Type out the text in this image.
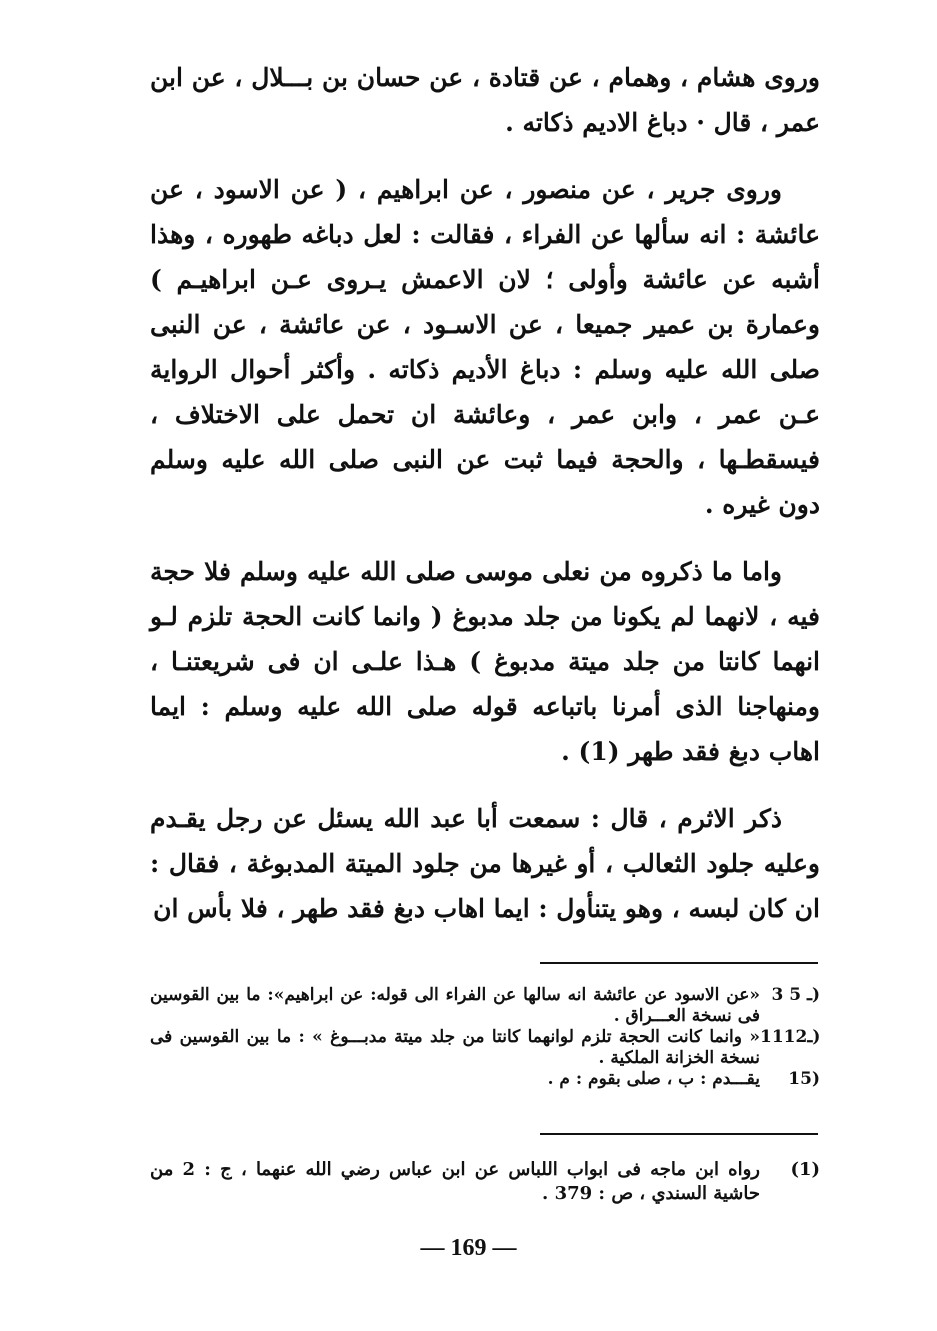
وروى هشام ، وهمام ، عن قتادة ، عن حسان بن بـــلال ، عن ابن عمر ، قال · دباغ الاديم ذكاته .

وروى جرير ، عن منصور ، عن ابراهيم ، ( عن الاسود ، عن عائشة : انه سألها عن الفراء ، فقالت : لعل دباغه طهوره ، وهذا أشبه عن عائشة وأولى ؛ لان الاعمش يـروى عـن ابراهيـم ) وعمارة بن عمير جميعا ، عن الاسـود ، عن عائشة ، عن النبى صلى الله عليه وسلم : دباغ الأديم ذكاته . وأكثر أحوال الرواية عـن عمر ، وابن عمر ، وعائشة ان تحمل على الاختلاف ، فيسقطـها ، والحجة فيما ثبت عن النبى صلى الله عليه وسلم دون غيره .

واما ما ذكروه من نعلى موسى صلى الله عليه وسلم فلا حجة فيه ، لانهما لم يكونا من جلد مدبوغ ( وانما كانت الحجة تلزم لـو انهما كانتا من جلد ميتة مدبوغ ) هـذا علـى ان فى شريعتنـا ، ومنهاجنا الذى أمرنا باتباعه قوله صلى الله عليه وسلم : ايما اهاب دبغ فقد طهر (1) .

ذكر الاثرم ، قال : سمعت أبا عبد الله يسئل عن رجل يقـدم وعليه جلود الثعالب ، أو غيرها من جلود الميتة المدبوغة ، فقال : ان كان لبسه ، وهو يتنأول : ايما اهاب دبغ فقد طهر ، فلا بأس ان

3 ـ 5)
«عن الاسود عن عائشة انه سالها عن الفراء الى قوله: عن ابراهيم»: ما بين القوسين فى نسخة العـــراق .
11ـ12)
« وانما كانت الحجة تلزم لوانهما كانتا من جلد ميتة مدبـــوغ » : ما بين القوسين فى نسخة الخزانة الملكية .
15)
يقـــدم : ب ، صلى بقوم : م .
(1)
رواه ابن ماجه فى ابواب اللباس عن ابن عباس رضي الله عنهما ، ج : 2 من حاشية السندي ، ص : 379 .
— 169 —
